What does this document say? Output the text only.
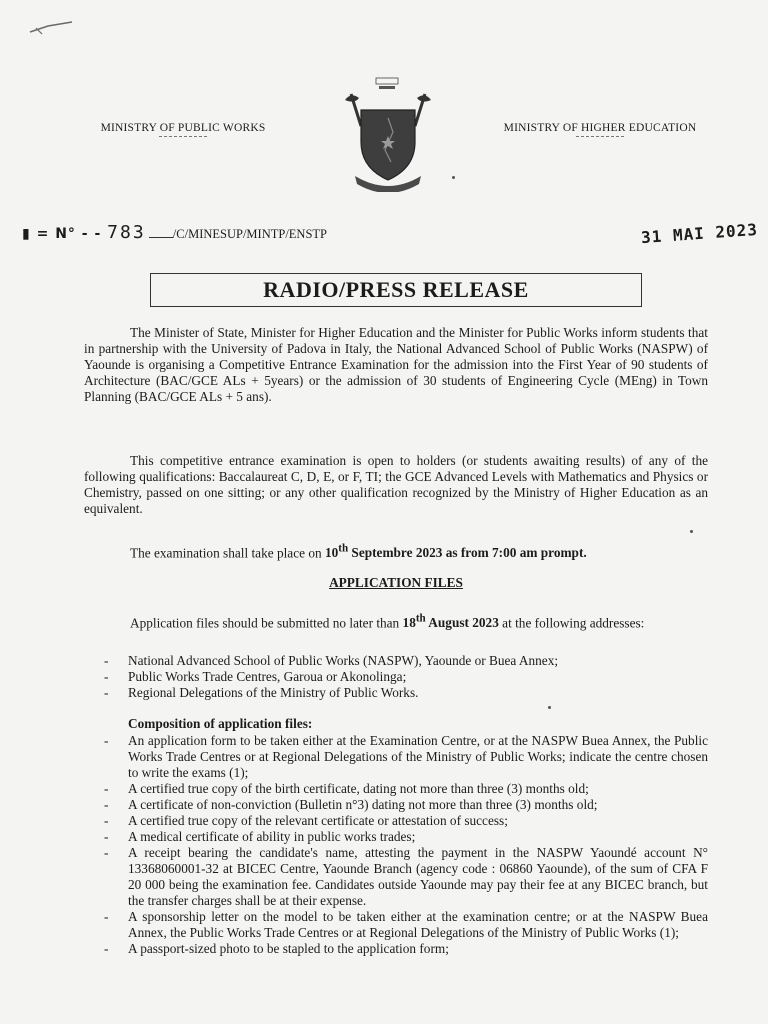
MINISTRY OF PUBLIC WORKS	MINISTRY OF HIGHER EDUCATION
▮ = N° - - 783 /C/MINESUP/MINTP/ENSTP	31 MAI 2023
RADIO/PRESS RELEASE

The Minister of State, Minister for Higher Education and the Minister for Public Works inform students that in partnership with the University of Padova in Italy, the National Advanced School of Public Works (NASPW) of Yaounde is organising a Competitive Entrance Examination for the admission into the First Year of 90 students of Architecture (BAC/GCE ALs + 5years) or the admission of 30 students of Engineering Cycle (MEng) in Town Planning (BAC/GCE ALs + 5 ans).

This competitive entrance examination is open to holders (or students awaiting results) of any of the following qualifications: Baccalaureat C, D, E, or F, TI; the GCE Advanced Levels with Mathematics and Physics or Chemistry, passed on one sitting; or any other qualification recognized by the Ministry of Higher Education as an equivalent.

The examination shall take place on 10th Septembre 2023 as from 7:00 am prompt.

APPLICATION FILES

Application files should be submitted no later than 18th August 2023 at the following addresses:

- National Advanced School of Public Works (NASPW), Yaounde or Buea Annex;
- Public Works Trade Centres, Garoua or Akonolinga;
- Regional Delegations of the Ministry of Public Works.
Composition of application files:
- An application form to be taken either at the Examination Centre, or at the NASPW Buea Annex, the Public Works Trade Centres or at Regional Delegations of the Ministry of Public Works; indicate the centre chosen to write the exams (1);
- A certified true copy of the birth certificate, dating not more than three (3) months old;
- A certificate of non-conviction (Bulletin n°3) dating not more than three (3) months old;
- A certified true copy of the relevant certificate or attestation of success;
- A medical certificate of ability in public works trades;
- A receipt bearing the candidate's name, attesting the payment in the NASPW Yaoundé account N° 13368060001-32 at BICEC Centre, Yaounde Branch (agency code : 06860 Yaounde), of the sum of CFA F 20 000 being the examination fee. Candidates outside Yaounde may pay their fee at any BICEC branch, but the transfer charges shall be at their expense.
- A sponsorship letter on the model to be taken either at the examination centre; or at the NASPW Buea Annex, the Public Works Trade Centres or at Regional Delegations of the Ministry of Public Works (1);
- A passport-sized photo to be stapled to the application form;
